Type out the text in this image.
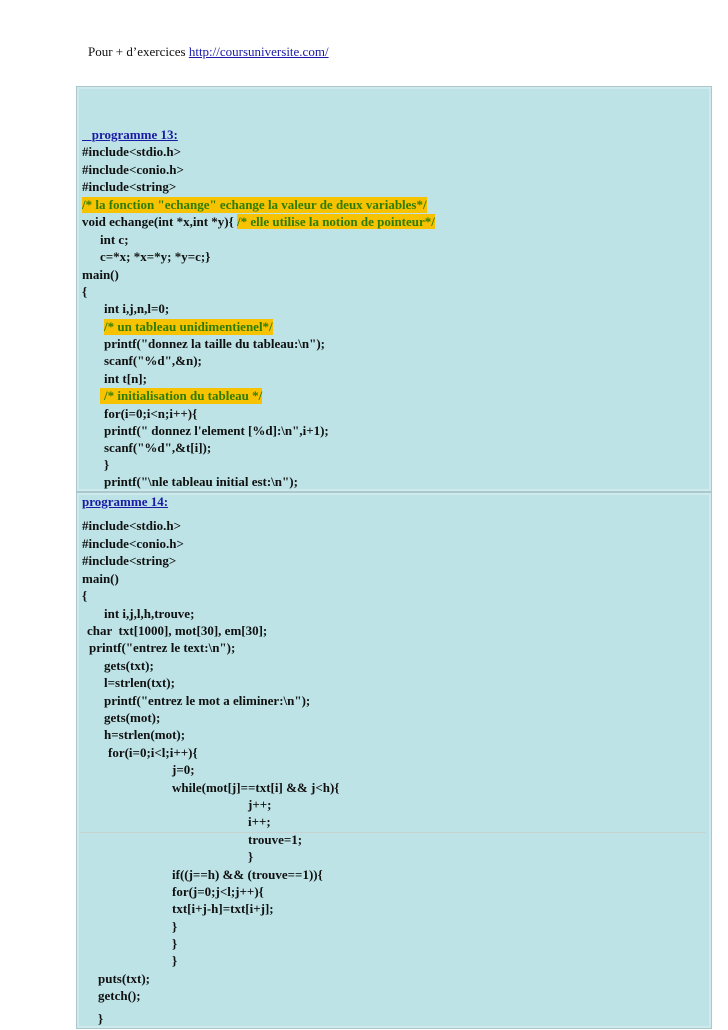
Pour + d’exercices http://coursuniversite.com/
programme 13:
#include<stdio.h>
#include<conio.h>
#include<string>
/* la fonction "echange" echange la valeur de deux variables*/
void echange(int *x,int *y){ /* elle utilise la notion de pointeur*/
int c;
c=*x; *x=*y; *y=c;}
main()
{
int i,j,n,l=0;
/* un tableau unidimentienel*/
printf("donnez la taille du tableau:\n");
scanf("%d",&n);
int t[n];
/* initialisation du tableau */
for(i=0;i<n;i++){
printf(" donnez l'element [%d]:\n",i+1);
scanf("%d",&t[i]);
}
printf("\nle tableau initial est:\n");
programme 14:
#include<stdio.h>
#include<conio.h>
#include<string>
main()
{
int i,j,l,h,trouve;
char  txt[1000], mot[30], em[30];
printf("entrez le text:\n");
gets(txt);
l=strlen(txt);
printf("entrez le mot a eliminer:\n");
gets(mot);
h=strlen(mot);
for(i=0;i<l;i++){
j=0;
while(mot[j]==txt[i] && j<h){
j++;
i++;
trouve=1;
}
if((j==h) && (trouve==1)){
for(j=0;j<l;j++){
txt[i+j-h]=txt[i+j];
}
}
}
puts(txt);
getch();
}
